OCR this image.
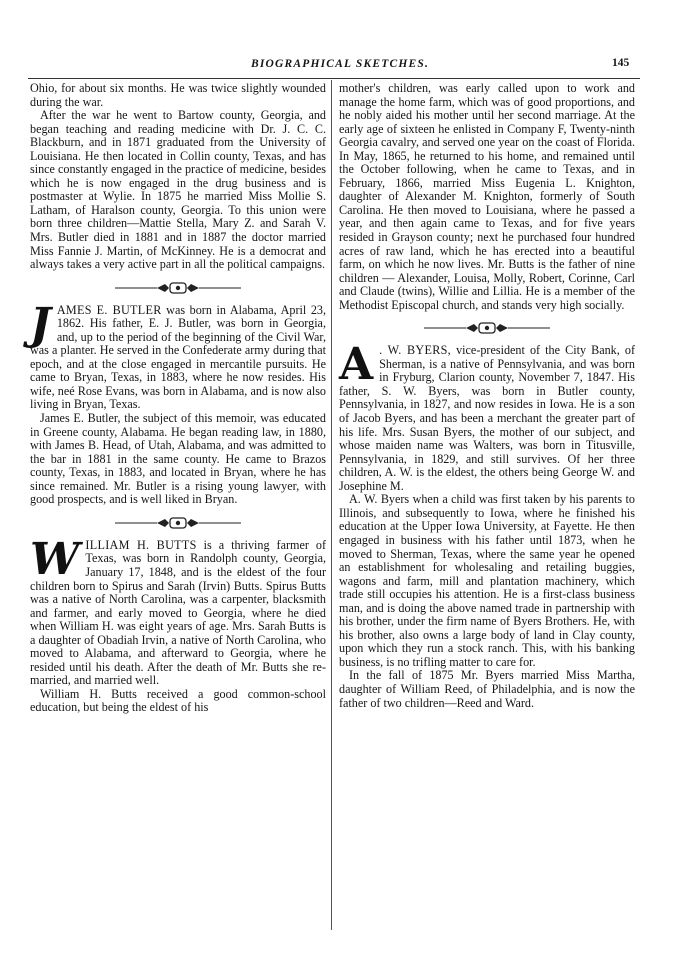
BIOGRAPHICAL SKETCHES.	145

Ohio, for about six months. He was twice slightly wounded during the war.

After the war he went to Bartow county, Georgia, and began teaching and reading medicine with Dr. J. C. C. Blackburn, and in 1871 graduated from the University of Louisiana. He then located in Collin county, Texas, and has since constantly engaged in the practice of medicine, besides which he is now engaged in the drug business and is postmaster at Wylie. In 1875 he married Miss Mollie S. Latham, of Haralson county, Georgia. To this union were born three children—Mattie Stella, Mary Z. and Sarah V. Mrs. Butler died in 1881 and in 1887 the doctor married Miss Fannie J. Martin, of McKinney. He is a democrat and always takes a very active part in all the political campaigns.

JAMES E. BUTLER was born in Alabama, April 23, 1862. His father, E. J. Butler, was born in Georgia, and, up to the period of the beginning of the Civil War, was a planter. He served in the Confederate army during that epoch, and at the close engaged in mercantile pursuits. He came to Bryan, Texas, in 1883, where he now resides. His wife, neé Rose Evans, was born in Alabama, and is now also living in Bryan, Texas.

James E. Butler, the subject of this memoir, was educated in Greene county, Alabama. He began reading law, in 1880, with James B. Head, of Utah, Alabama, and was admitted to the bar in 1881 in the same county. He came to Brazos county, Texas, in 1883, and located in Bryan, where he has since remained. Mr. Butler is a rising young lawyer, with good prospects, and is well liked in Bryan.

WILLIAM H. BUTTS is a thriving farmer of Texas, was born in Randolph county, Georgia, January 17, 1848, and is the eldest of the four children born to Spirus and Sarah (Irvin) Butts. Spirus Butts was a native of North Carolina, was a carpenter, blacksmith and farmer, and early moved to Georgia, where he died when William H. was eight years of age. Mrs. Sarah Butts is a daughter of Obadiah Irvin, a native of North Carolina, who moved to Alabama, and afterward to Georgia, where he resided until his death. After the death of Mr. Butts she re-married, and married well.

William H. Butts received a good common-school education, but being the eldest of his

mother's children, was early called upon to work and manage the home farm, which was of good proportions, and he nobly aided his mother until her second marriage. At the early age of sixteen he enlisted in Company F, Twenty-ninth Georgia cavalry, and served one year on the coast of Florida. In May, 1865, he returned to his home, and remained until the October following, when he came to Texas, and in February, 1866, married Miss Eugenia L. Knighton, daughter of Alexander M. Knighton, formerly of South Carolina. He then moved to Louisiana, where he passed a year, and then again came to Texas, and for five years resided in Grayson county; next he purchased four hundred acres of raw land, which he has erected into a beautiful farm, on which he now lives. Mr. Butts is the father of nine children — Alexander, Louisa, Molly, Robert, Corinne, Carl and Claude (twins), Willie and Lillia. He is a member of the Methodist Episcopal church, and stands very high socially.

A . W. BYERS, vice-president of the City Bank, of Sherman, is a native of Pennsylvania, and was born in Fryburg, Clarion county, November 7, 1847. His father, S. W. Byers, was born in Butler county, Pennsylvania, in 1827, and now resides in Iowa. He is a son of Jacob Byers, and has been a merchant the greater part of his life. Mrs. Susan Byers, the mother of our subject, and whose maiden name was Walters, was born in Titusville, Pennsylvania, in 1829, and still survives. Of her three children, A. W. is the eldest, the others being George W. and Josephine M.

A. W. Byers when a child was first taken by his parents to Illinois, and subsequently to Iowa, where he finished his education at the Upper Iowa University, at Fayette. He then engaged in business with his father until 1873, when he moved to Sherman, Texas, where the same year he opened an establishment for wholesaling and retailing buggies, wagons and farm, mill and plantation machinery, which trade still occupies his attention. He is a first-class business man, and is doing the above named trade in partnership with his brother, under the firm name of Byers Brothers. He, with his brother, also owns a large body of land in Clay county, upon which they run a stock ranch. This, with his banking business, is no trifling matter to care for.

In the fall of 1875 Mr. Byers married Miss Martha, daughter of William Reed, of Philadelphia, and is now the father of two children—Reed and Ward.
